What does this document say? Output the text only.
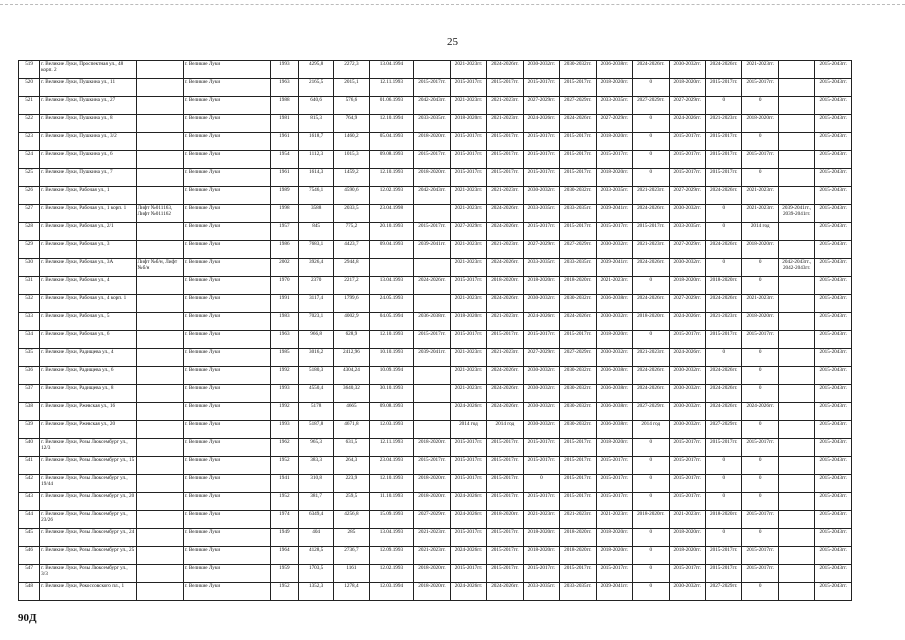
25
519	г. Великие Луки, Проспектная ул., 48 корп. 2		г. Великие Луки	1993	4295,8	2272,3	13.04.1994		2021-2023гг.	2024-2026гг.	2030-2032гг.	2030-2032гг.	2036-2038гг.	2024-2026гг.	2030-2032гг.	2024-2026гг.	2021-2023гг.		2015-2043гг.
520	г. Великие Луки, Пушкина ул., 11		г. Великие Луки	1963	2165,5	2015,1	12.11.1993	2015-2017гг.	2015-2017гг.	2015-2017гг.	2015-2017гг.	2015-2017гг.	2018-2020гг.	0	2018-2020гг.	2015-2017гг.	2015-2017гг.		2015-2043гг.
521	г. Великие Луки, Пушкина ул., 27		г. Великие Луки	1988	640,6	576,6	01.06.1993	2042-2043гг.	2021-2023гг.	2021-2023гг.	2027-2029гг.	2027-2029гг.	2033-2035гг.	2027-2029гг.	2027-2029гг.	0	0		2015-2043гг.
522	г. Великие Луки, Пушкина ул., 8		г. Великие Луки	1981	815,3	764,9	12.10.1994	2033-2035гг.	2018-2020гг.	2021-2023гг.	2024-2026гг.	2024-2026гг.	2027-2029гг.	0	2024-2026гг.	2021-2023гг.	2018-2020гг.		2015-2043гг.
523	г. Великие Луки, Пушкина ул., 3/2		г. Великие Луки	1961	1618,7	1460,2	05.04.1993	2018-2020гг.	2015-2017гг.	2015-2017гг.	2015-2017гг.	2015-2017гг.	2018-2020гг.	0	2015-2017гг.	2015-2017гг.	0		2015-2043гг.
524	г. Великие Луки, Пушкина ул., 6		г. Великие Луки	1954	1112,3	1015,3	09.08.1993	2015-2017гг.	2015-2017гг.	2015-2017гг.	2015-2017гг.	2015-2017гг.	2015-2017гг.	0	2015-2017гг.	2015-2017гг.	2015-2017гг.		2015-2043гг.
525	г. Великие Луки, Пушкина ул., 7		г. Великие Луки	1961	1614,3	1459,2	12.10.1993	2018-2020гг.	2015-2017гг.	2015-2017гг.	2015-2017гг.	2015-2017гг.	2018-2020гг.	0	2015-2017гг.	2015-2017гг.	0		2015-2043гг.
526	г. Великие Луки, Рабочая ул., 1		г. Великие Луки	1989	7546,1	4590,6	12.02.1993	2042-2043гг.	2021-2023гг.	2021-2023гг.	2030-2032гг.	2030-2032гг.	2033-2035гг.	2021-2023гг.	2027-2029гг.	2024-2026гг.	2021-2023гг.		2015-2043гг.
527	г. Великие Луки, Рабочая ул., 1 корп. 1	Лифт №011163, Лифт №011162	г. Великие Луки	1998	3588	2033,5	23.04.1998		2021-2023гг.	2024-2026гг.	2033-2035гг.	2033-2035гг.	2039-2041гг.	2024-2026гг.	2030-2032гг.	0	2021-2023гг.	2039-2041гг., 2039-2041гг.	2015-2043гг.
528	г. Великие Луки, Рабочая ул., 2/1		г. Великие Луки	1957	845	775,2	20.10.1993	2015-2017гг.	2027-2029гг.	2024-2026гг.	2015-2017гг.	2015-2017гг.	2015-2017гг.	2015-2017гг.	2033-2035гг.	0	2014 год		2015-2043гг.
529	г. Великие Луки, Рабочая ул., 3		г. Великие Луки	1986	7683,1	4423,7	09.04.1993	2039-2041гг.	2021-2023гг.	2021-2023гг.	2027-2029гг.	2027-2029гг.	2030-2032гг.	2021-2023гг.	2027-2029гг.	2024-2026гг.	2018-2020гг.		2015-2043гг.
530	г. Великие Луки, Рабочая ул., 3А	Лифт №б/н, Лифт №б/н	г. Великие Луки	2002	3926,4	2944,8			2021-2023гг.	2024-2026гг.	2033-2035гг.	2033-2035гг.	2039-2041гг.	2024-2026гг.	2030-2032гг.	0	0	2042-2043гг., 2042-2043гг.	2015-2043гг.
531	г. Великие Луки, Рабочая ул., 4		г. Великие Луки	1970	2370	2217,2	13.04.1993	2024-2026гг.	2015-2017гг.	2018-2020гг.	2018-2020гг.	2018-2020гг.	2021-2023гг.	0	2018-2020гг.	2018-2020гг.	0		2015-2043гг.
532	г. Великие Луки, Рабочая ул., 4 корп. 1		г. Великие Луки	1991	3117,4	1799,6	24.05.1993		2021-2023гг.	2024-2026гг.	2030-2032гг.	2030-2032гг.	2036-2038гг.	2024-2026гг.	2027-2029гг.	2024-2026гг.	2021-2023гг.		2015-2043гг.
533	г. Великие Луки, Рабочая ул., 5		г. Великие Луки	1983	7023,1	4002,9	04.05.1994	2036-2038гг.	2018-2020гг.	2021-2023гг.	2024-2026гг.	2024-2026гг.	2030-2032гг.	2018-2020гг.	2024-2026гг.	2021-2023гг.	2018-2020гг.		2015-2043гг.
534	г. Великие Луки, Рабочая ул., 6		г. Великие Луки	1963	966,8	628,9	12.10.1993	2015-2017гг.	2015-2017гг.	2015-2017гг.	2015-2017гг.	2015-2017гг.	2018-2020гг.	0	2015-2017гг.	2015-2017гг.	2015-2017гг.		2015-2043гг.
535	г. Великие Луки, Радищева ул., 4		г. Великие Луки	1985	3016,2	2412,96	10.10.1993	2039-2041гг.	2021-2023гг.	2021-2023гг.	2027-2029гг.	2027-2029гг.	2030-2032гг.	2021-2023гг.	2024-2026гг.	0	0		2015-2043гг.
536	г. Великие Луки, Радищева ул., 6		г. Великие Луки	1992	5180,3	4304,24	10.09.1994		2021-2023гг.	2024-2026гг.	2030-2032гг.	2030-2032гг.	2036-2038гг.	2024-2026гг.	2030-2032гг.	2024-2026гг.	0		2015-2043гг.
537	г. Великие Луки, Радищева ул., 8		г. Великие Луки	1993	4550,4	3640,32	30.10.1993		2021-2023гг.	2024-2026гг.	2030-2032гг.	2030-2032гг.	2036-2038гг.	2024-2026гг.	2030-2032гг.	2024-2026гг.	0		2015-2043гг.
538	г. Великие Луки, Ржевская ул., 16		г. Великие Луки	1992	5178	4665	09.08.1993		2024-2026гг.	2024-2026гг.	2030-2032гг.	2030-2032гг.	2036-2038гг.	2027-2029гг.	2030-2032гг.	2024-2026гг.	2024-2026гг.		2015-2043гг.
539	г. Великие Луки, Ржевская ул., 20		г. Великие Луки	1993	5187,8	4671,8	12.03.1993		2014 год	2014 год	2030-2032гг.	2030-2032гг.	2036-2038гг.	2014 год	2030-2032гг.	2027-2029гг.	0		2015-2043гг.
540	г. Великие Луки, Розы Люксембург ул., 12/3		г. Великие Луки	1962	965,3	631,5	12.11.1993	2018-2020гг.	2015-2017гг.	2015-2017гг.	2015-2017гг.	2015-2017гг.	2018-2020гг.	0	2015-2017гг.	2015-2017гг.	2015-2017гг.		2015-2043гг.
541	г. Великие Луки, Розы Люксембург ул., 15		г. Великие Луки	1952	383,3	264,3	23.04.1993	2015-2017гг.	2015-2017гг.	2015-2017гг.	2015-2017гг.	2015-2017гг.	2015-2017гг.	0	2015-2017гг.	0	0		2015-2043гг.
542	г. Великие Луки, Розы Люксембург ул., 19/44		г. Великие Луки	1941	310,8	223,9	12.10.1993	2018-2020гг.	2015-2017гг.	2015-2017гг.	0	2015-2017гг.	2015-2017гг.	0	2015-2017гг.	0	0		2015-2043гг.
543	г. Великие Луки, Розы Люксембург ул., 20		г. Великие Луки	1952	381,7	259,5	11.10.1993	2018-2020гг.	2024-2026гг.	2015-2017гг.	2015-2017гг.	2015-2017гг.	2015-2017гг.	0	2015-2017гг.	0	0		2015-2043гг.
544	г. Великие Луки, Розы Люксембург ул., 23/26		г. Великие Луки	1974	6349,4	4256,8	15.09.1993	2027-2029гг.	2024-2026гг.	2018-2020гг.	2021-2023гг.	2021-2023гг.	2021-2023гг.	2018-2020гг.	2021-2023гг.	2018-2020гг.	2015-2017гг.		2015-2043гг.
545	г. Великие Луки, Розы Люксембург ул., 24		г. Великие Луки	1949	404	285	13.04.1993	2021-2023гг.	2015-2017гг.	2015-2017гг.	2018-2020гг.	2018-2020гг.	2018-2020гг.	0	2018-2020гг.	0	0		2015-2043гг.
546	г. Великие Луки, Розы Люксембург ул., 25		г. Великие Луки	1964	4128,5	2736,7	12.09.1993	2021-2023гг.	2024-2026гг.	2015-2017гг.	2018-2020гг.	2018-2020гг.	2018-2020гг.	0	2018-2020гг.	2015-2017гг.	2015-2017гг.		2015-2043гг.
547	г. Великие Луки, Розы Люксембург ул., 3/3		г. Великие Луки	1959	1703,5	1161	12.02.1993	2018-2020гг.	2015-2017гг.	2015-2017гг.	2015-2017гг.	2015-2017гг.	2015-2017гг.	0	2015-2017гг.	2015-2017гг.	2015-2017гг.		2015-2043гг.
548	г. Великие Луки, Рокоссовского пл., 1		г. Великие Луки	1952	1352,3	1278,4	12.03.1994	2018-2020гг.	2024-2026гг.	2024-2026гг.	2033-2035гг.	2033-2035гг.	2039-2041гг.	0	2030-2032гг.	2027-2029гг.	0		2015-2043гг.
90Д
